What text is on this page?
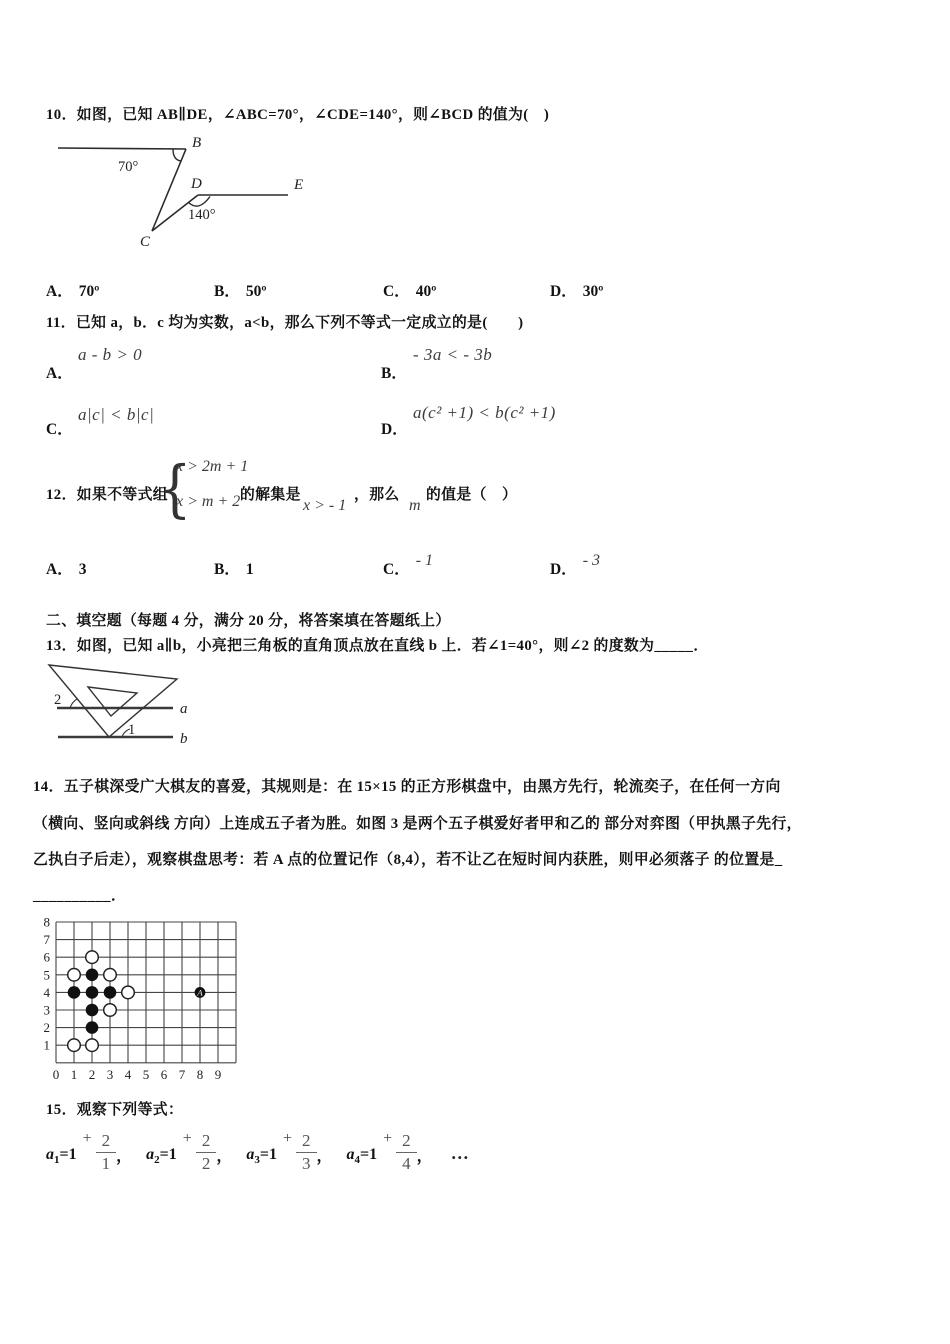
10．如图，已知 AB∥DE，∠ABC=70°，∠CDE=140°，则∠BCD 的值为(　)
B
C
D	E
70°
140°
A． 70º	B． 50º	C． 40º	D． 30º
11．已知 a，b．c 均为实数，a<b，那么下列不等式一定成立的是(　　)
A．
a - b > 0
B．
- 3a < - 3b
C．
a|c| < b|c|
D．
a(c² +1) < b(c² +1)
12．如果不等式组
{
x > 2m + 1
x > m + 2 的解集是
x > - 1
，那么
m
的值是（　）
A． 3	B． 1	C．- 1
D．- 3
二、填空题（每题 4 分，满分 20 分，将答案填在答题纸上）
13．如图，已知 a∥b，小亮把三角板的直角顶点放在直线 b 上．若∠1=40°，则∠2 的度数为_____．
a
b
2
1
14．五子棋深受广大棋友的喜爱，其规则是：在 15×15 的正方形棋盘中，由黑方先行，轮流奕子，在任何一方向
（横向、竖向或斜线 方向）上连成五子者为胜。如图 3 是两个五子棋爱好者甲和乙的 部分对弈图（甲执黑子先行，
乙执白子后走），观察棋盘思考：若 A 点的位置记作（8,4），若不让乙在短时间内获胜，则甲必须落子 的位置是_
__________．
0 1 2 3 4 5 6 7 8 9
1
2
3
4
5
6
7
8
A
15．观察下列等式：
$a_1=1$
+ $\frac{2}{1}$ ， $a_2=1$
+ $\frac{2}{2}$ ， $a_3=1$
+ $\frac{2}{3}$ ， $a_4=1$
+ $\frac{2}{4}$ ， …
